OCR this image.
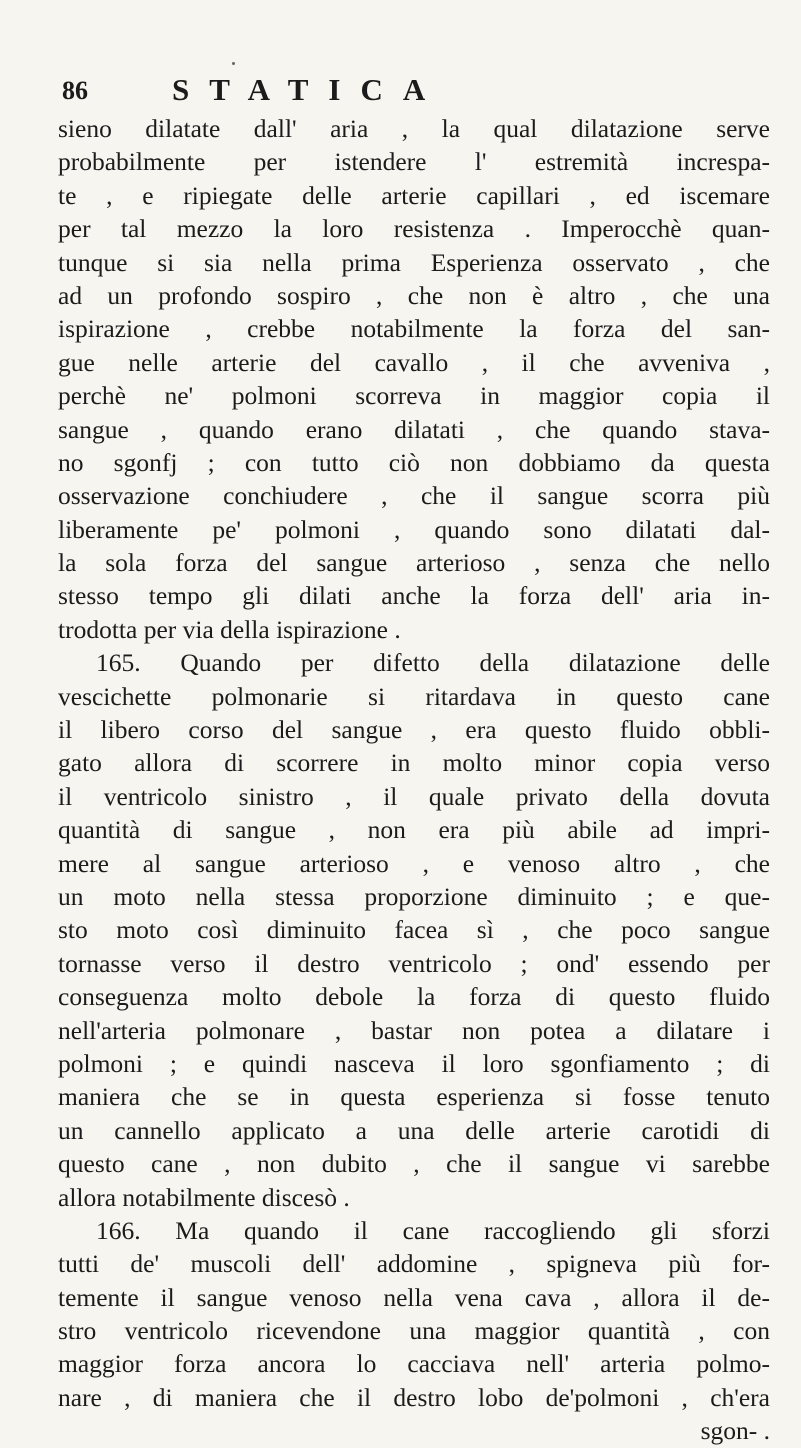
86	STATICA
sieno dilatate dall' aria , la qual dilatazione serve
probabilmente per istendere l' estremità increspa-
te , e ripiegate delle arterie capillari , ed iscemare
per tal mezzo la loro resistenza . Imperocchè quan-
tunque si sia nella prima Esperienza osservato , che
ad un profondo sospiro , che non è altro , che una
ispirazione , crebbe notabilmente la forza del san-
gue nelle arterie del cavallo , il che avveniva ,
perchè ne' polmoni scorreva in maggior copia il
sangue , quando erano dilatati , che quando stava-
no sgonfj ; con tutto ciò non dobbiamo da questa
osservazione conchiudere , che il sangue scorra più
liberamente pe' polmoni , quando sono dilatati dal-
la sola forza del sangue arterioso , senza che nello
stesso tempo gli dilati anche la forza dell' aria in-
trodotta per via della ispirazione .
165. Quando per difetto della dilatazione delle
vescichette polmonarie si ritardava in questo cane
il libero corso del sangue , era questo fluido obbli-
gato allora di scorrere in molto minor copia verso
il ventricolo sinistro , il quale privato della dovuta
quantità di sangue , non era più abile ad impri-
mere al sangue arterioso , e venoso altro , che
un moto nella stessa proporzione diminuito ; e que-
sto moto così diminuito facea sì , che poco sangue
tornasse verso il destro ventricolo ; ond' essendo per
conseguenza molto debole la forza di questo fluido
nell'arteria polmonare , bastar non potea a dilatare i
polmoni ; e quindi nasceva il loro sgonfiamento ; di
maniera che se in questa esperienza si fosse tenuto
un cannello applicato a una delle arterie carotidi di
questo cane , non dubito , che il sangue vi sarebbe
allora notabilmente discesò .
166. Ma quando il cane raccogliendo gli sforzi
tutti de' muscoli dell' addomine , spigneva più for-
temente il sangue venoso nella vena cava , allora il de-
stro ventricolo ricevendone una maggior quantità , con
maggior forza ancora lo cacciava nell' arteria polmo-
nare , di maniera che il destro lobo de'polmoni , ch'era
sgon- .
